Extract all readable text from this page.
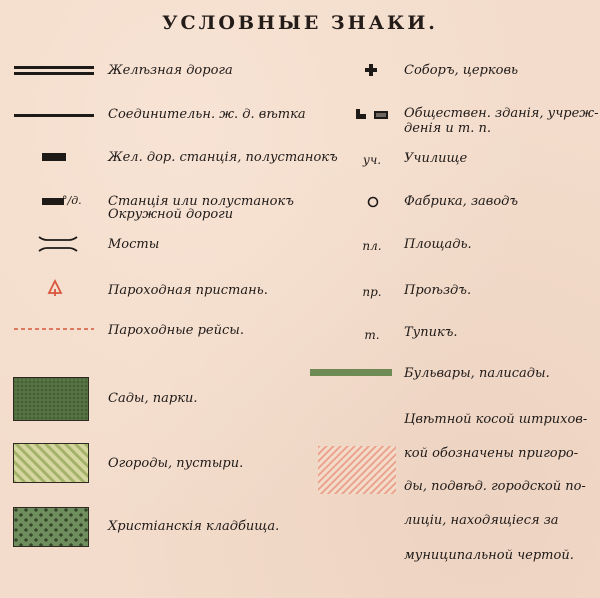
УСЛОВНЫЕ ЗНАКИ.
Желѣзная дорога
Соединительн. ж. д. вѣтка
Жел. дор. станція, полустанокъ
°/д.	Станція или полустанокъ
Окружной дороги
Мосты
Пароходная пристань.
Пароходные рейсы.
Сады, парки.
Огороды, пустыри.
Христіанскія кладбища.
Соборъ, церковь
Обществен. зданія, учреж-
денія и т. п.
уч.	Училище
Фабрика, заводъ
пл.	Площадь.
пр.	Проѣздъ.
т.	Тупикъ.
Бульвары, палисады.
Цвѣтной косой штрихов-
кой обозначены пригоро-
ды, подвѣд. городской по-
лиціи, находящіеся за
муниципальной чертой.
